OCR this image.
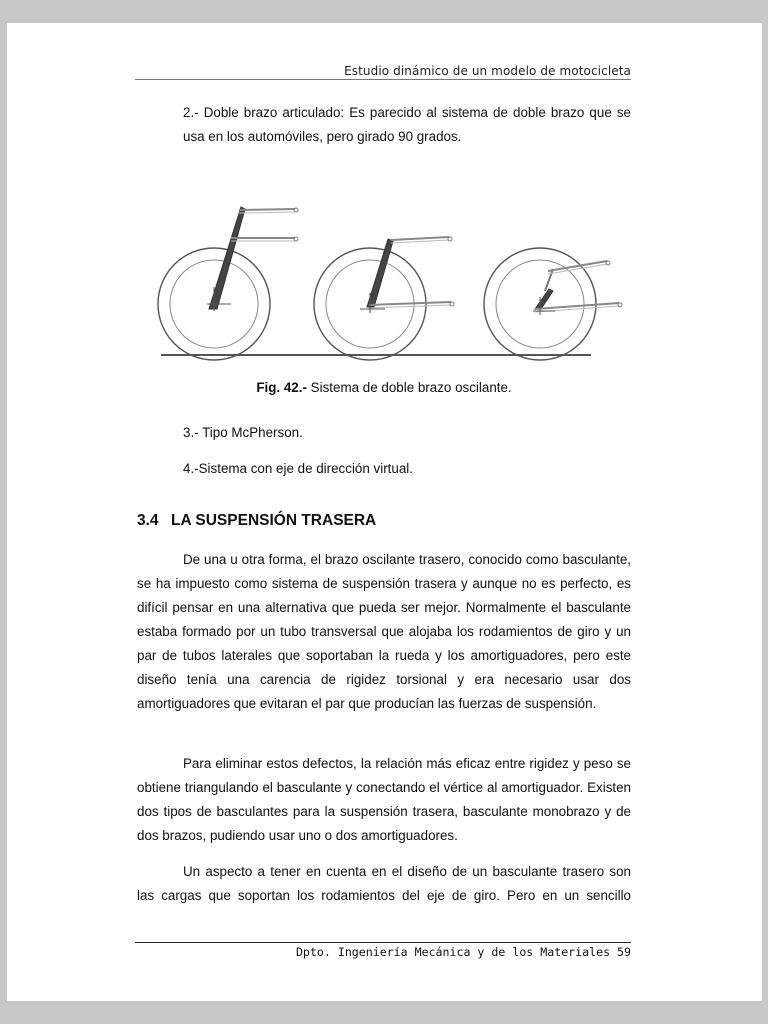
Estudio dinámico de un modelo de motocicleta

2.- Doble brazo articulado: Es parecido al sistema de doble brazo que se usa en los automóviles, pero girado 90 grados.

Fig. 42.- Sistema de doble brazo oscilante.

3.- Tipo McPherson.

4.-Sistema con eje de dirección virtual.

3.4 LA SUSPENSIÓN TRASERA

De una u otra forma, el brazo oscilante trasero, conocido como basculante, se ha impuesto como sistema de suspensión trasera y aunque no es perfecto, es difícil pensar en una alternativa que pueda ser mejor. Normalmente el basculante estaba formado por un tubo transversal que alojaba los rodamientos de giro y un par de tubos laterales que soportaban la rueda y los amortiguadores, pero este diseño tenía una carencia de rigidez torsional y era necesario usar dos amortiguadores que evitaran el par que producían las fuerzas de suspensión.

Para eliminar estos defectos, la relación más eficaz entre rigidez y peso se obtiene triangulando el basculante y conectando el vértice al amortiguador. Existen dos tipos de basculantes para la suspensión trasera, basculante monobrazo y de dos brazos, pudiendo usar uno o dos amortiguadores.

Un aspecto a tener en cuenta en el diseño de un basculante trasero son las cargas que soportan los rodamientos del eje de giro. Pero en un sencillo

Dpto. Ingeniería Mecánica y de los Materiales 59
